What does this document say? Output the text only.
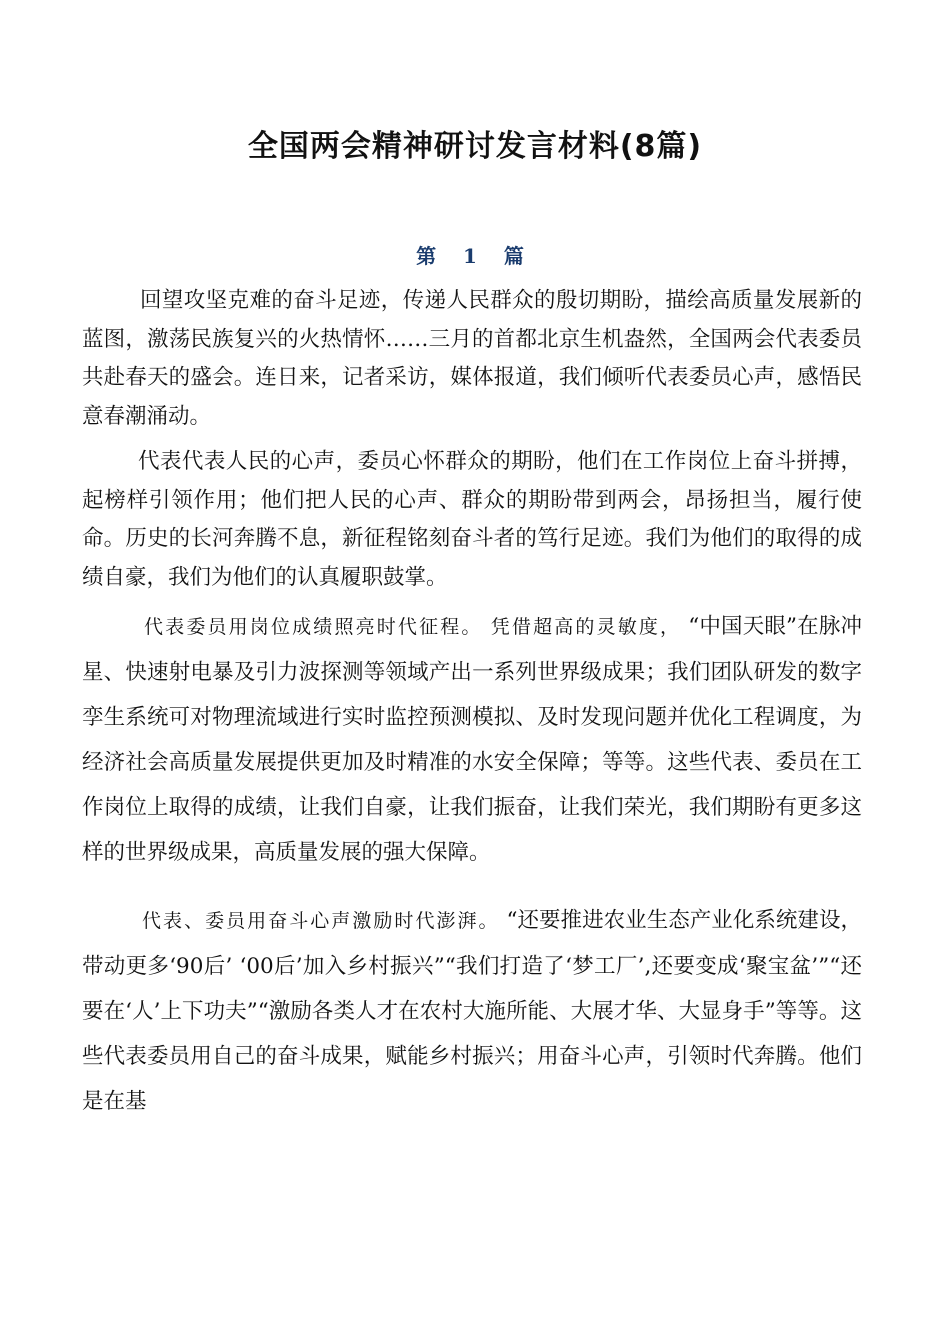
全国两会精神研讨发言材料(8篇)
第 1 篇

回望攻坚克难的奋斗足迹，传递人民群众的殷切期盼，描绘高质量发展新的蓝图，激荡民族复兴的火热情怀……三月的首都北京生机盎然，全国两会代表委员共赴春天的盛会。连日来，记者采访，媒体报道，我们倾听代表委员心声，感悟民意春潮涌动。

代表代表人民的心声，委员心怀群众的期盼，他们在工作岗位上奋斗拼搏，起榜样引领作用；他们把人民的心声、群众的期盼带到两会，昂扬担当，履行使命。历史的长河奔腾不息，新征程铭刻奋斗者的笃行足迹。我们为他们的取得的成绩自豪，我们为他们的认真履职鼓掌。

代表委员用岗位成绩照亮时代征程。 凭借超高的灵敏度， “中国天眼”在脉冲星、快速射电暴及引力波探测等领域产出一系列世界级成果；我们团队研发的数字孪生系统可对物理流域进行实时监控预测模拟、及时发现问题并优化工程调度，为经济社会高质量发展提供更加及时精准的水安全保障；等等。这些代表、委员在工作岗位上取得的成绩，让我们自豪，让我们振奋，让我们荣光，我们期盼有更多这样的世界级成果，高质量发展的强大保障。

代表、委员用奋斗心声激励时代澎湃。 “还要推进农业生态产业化系统建设，带动更多‘90后’ ‘00后’加入乡村振兴”“我们打造了‘梦工厂’,还要变成‘聚宝盆’”“还要在‘人’上下功夫”“激励各类人才在农村大施所能、大展才华、大显身手”等等。这些代表委员用自己的奋斗成果，赋能乡村振兴；用奋斗心声，引领时代奔腾。他们是在基
